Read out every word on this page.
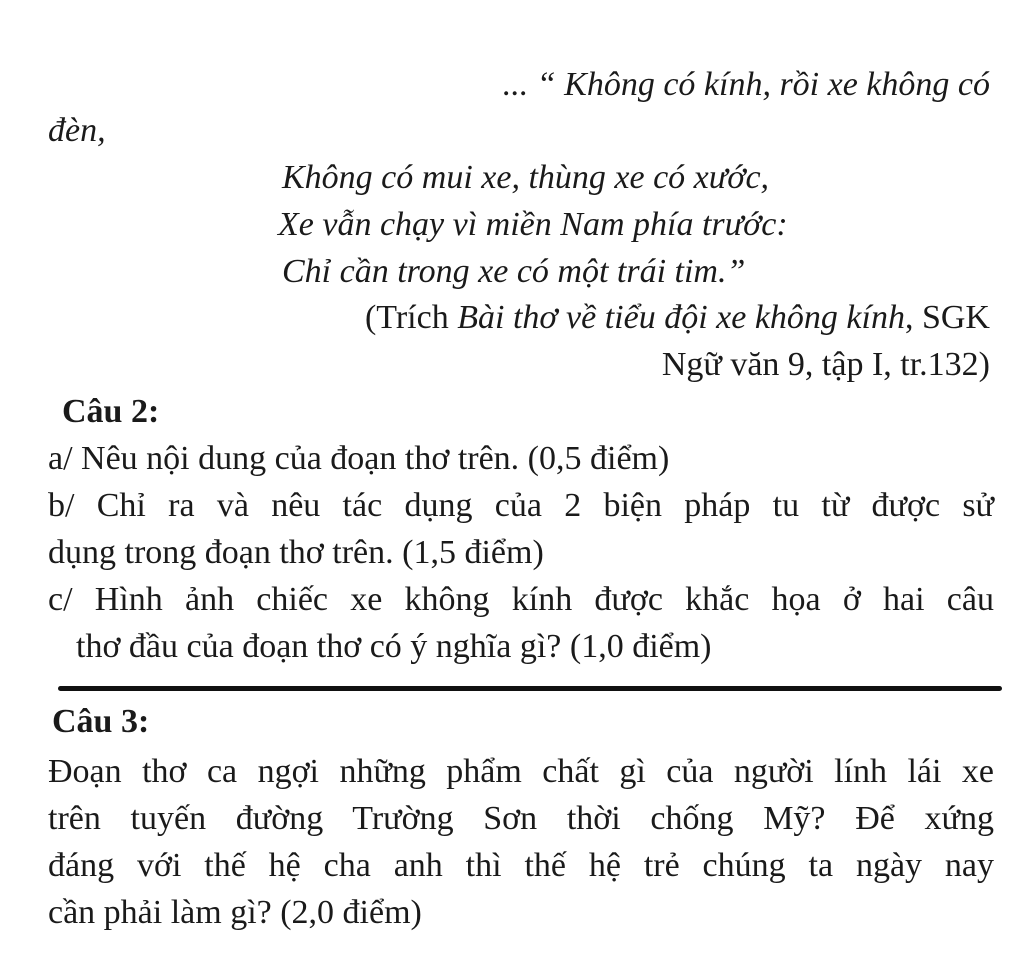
... “ Không có kính, rồi xe không có
đèn,
Không có mui xe, thùng xe có xước,
Xe vẫn chạy vì miền Nam phía trước:
Chỉ cần trong xe có một trái tim.”
(Trích Bài thơ về tiểu đội xe không kính, SGK
Ngữ văn 9, tập I, tr.132)
Câu 2:
a/ Nêu nội dung của đoạn thơ trên. (0,5 điểm)
b/ Chỉ ra và nêu tác dụng của 2 biện pháp tu từ được sử
dụng trong đoạn thơ trên. (1,5 điểm)
c/ Hình ảnh chiếc xe không kính được khắc họa ở hai câu
thơ đầu của đoạn thơ có ý nghĩa gì? (1,0 điểm)
Câu 3:
Đoạn thơ ca ngợi những phẩm chất gì của người lính lái xe
trên tuyến đường Trường Sơn thời chống Mỹ? Để xứng
đáng với thế hệ cha anh thì thế hệ trẻ chúng ta ngày nay
cần phải làm gì? (2,0 điểm)
